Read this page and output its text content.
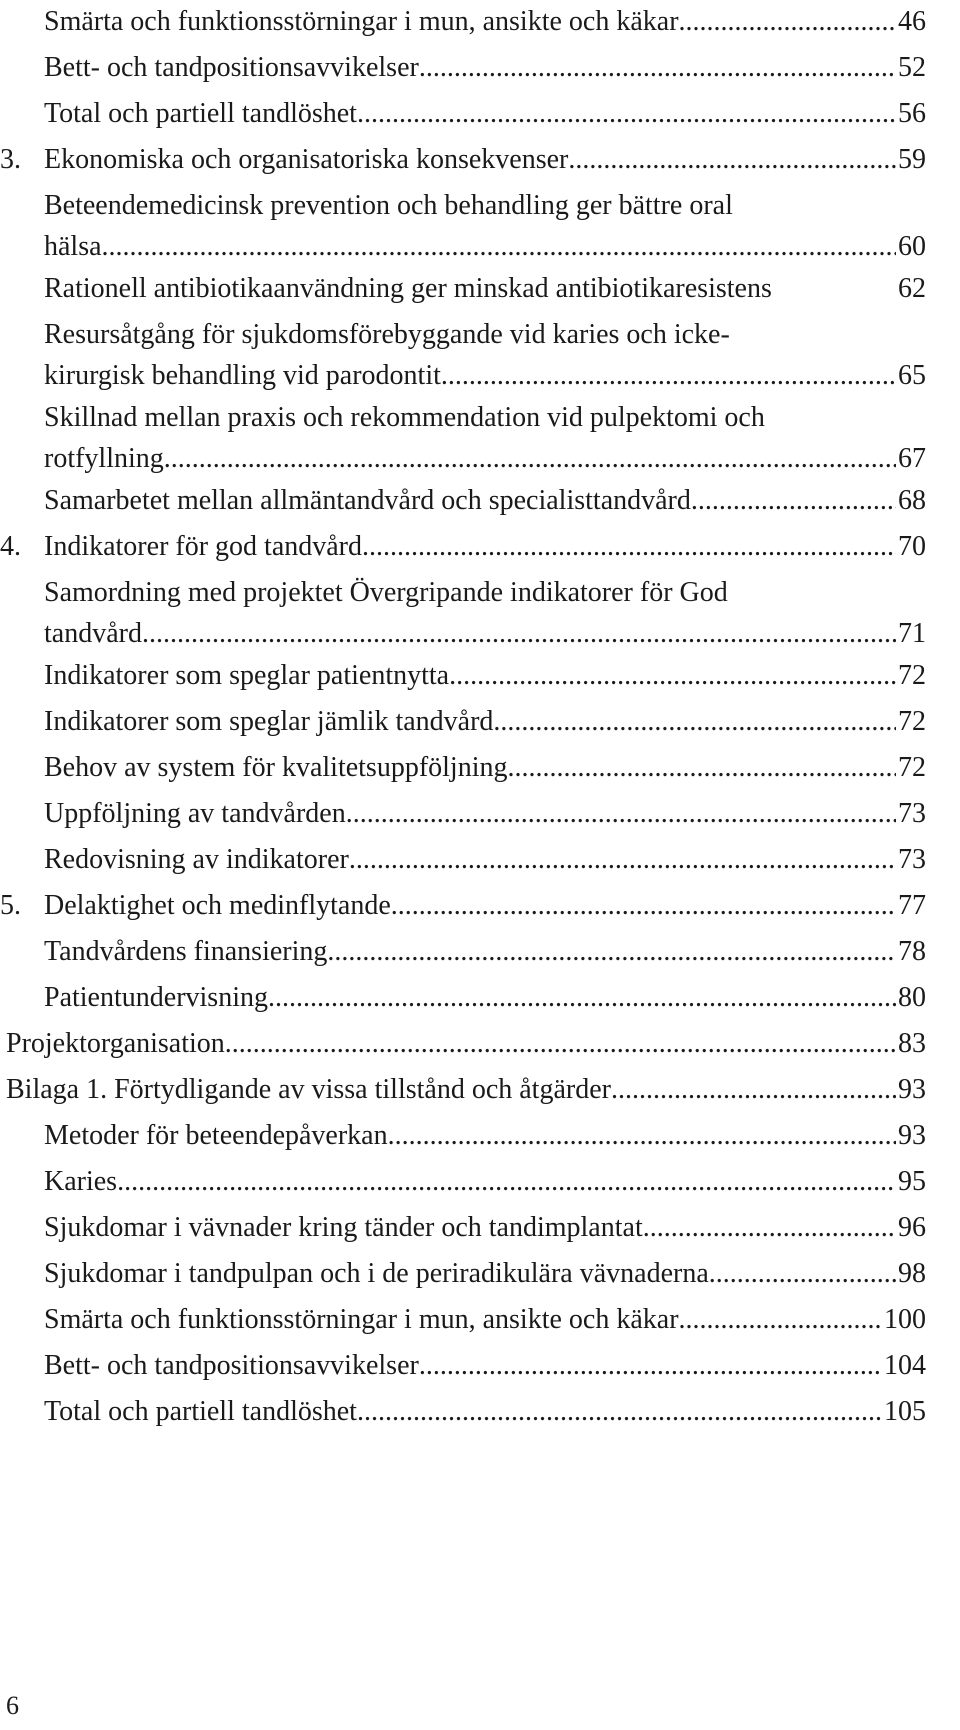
Smärta och funktionsstörningar i mun, ansikte och käkar .....	46
Bett- och tandpositionsavvikelser .....	52
Total och partiell tandlöshet .....	56
3. Ekonomiska och organisatoriska konsekvenser .....	59
Beteendemedicinsk prevention och behandling ger bättre oral
hälsa .....	60
Rationell antibiotikaanvändning ger minskad antibiotikaresistens	62
Resursåtgång för sjukdomsförebyggande vid karies och icke-
kirurgisk behandling vid parodontit .....	65
Skillnad mellan praxis och rekommendation vid pulpektomi och
rotfyllning .....	67
Samarbetet mellan allmäntandvård och specialisttandvård .....	68
4. Indikatorer för god tandvård .....	70
Samordning med projektet Övergripande indikatorer för God
tandvård .....	71
Indikatorer som speglar patientnytta .....	72
Indikatorer som speglar jämlik tandvård .....	72
Behov av system för kvalitetsuppföljning .....	72
Uppföljning av tandvården .....	73
Redovisning av indikatorer .....	73
5. Delaktighet och medinflytande .....	77
Tandvårdens finansiering .....	78
Patientundervisning .....	80
Projektorganisation .....	83
Bilaga 1. Förtydligande av vissa tillstånd och åtgärder .....	93
Metoder för beteendepåverkan .....	93
Karies .....	95
Sjukdomar i vävnader kring tänder och tandimplantat .....	96
Sjukdomar i tandpulpan och i de periradikulära vävnaderna .....	98
Smärta och funktionsstörningar i mun, ansikte och käkar .....	100
Bett- och tandpositionsavvikelser .....	104
Total och partiell tandlöshet .....	105
6
